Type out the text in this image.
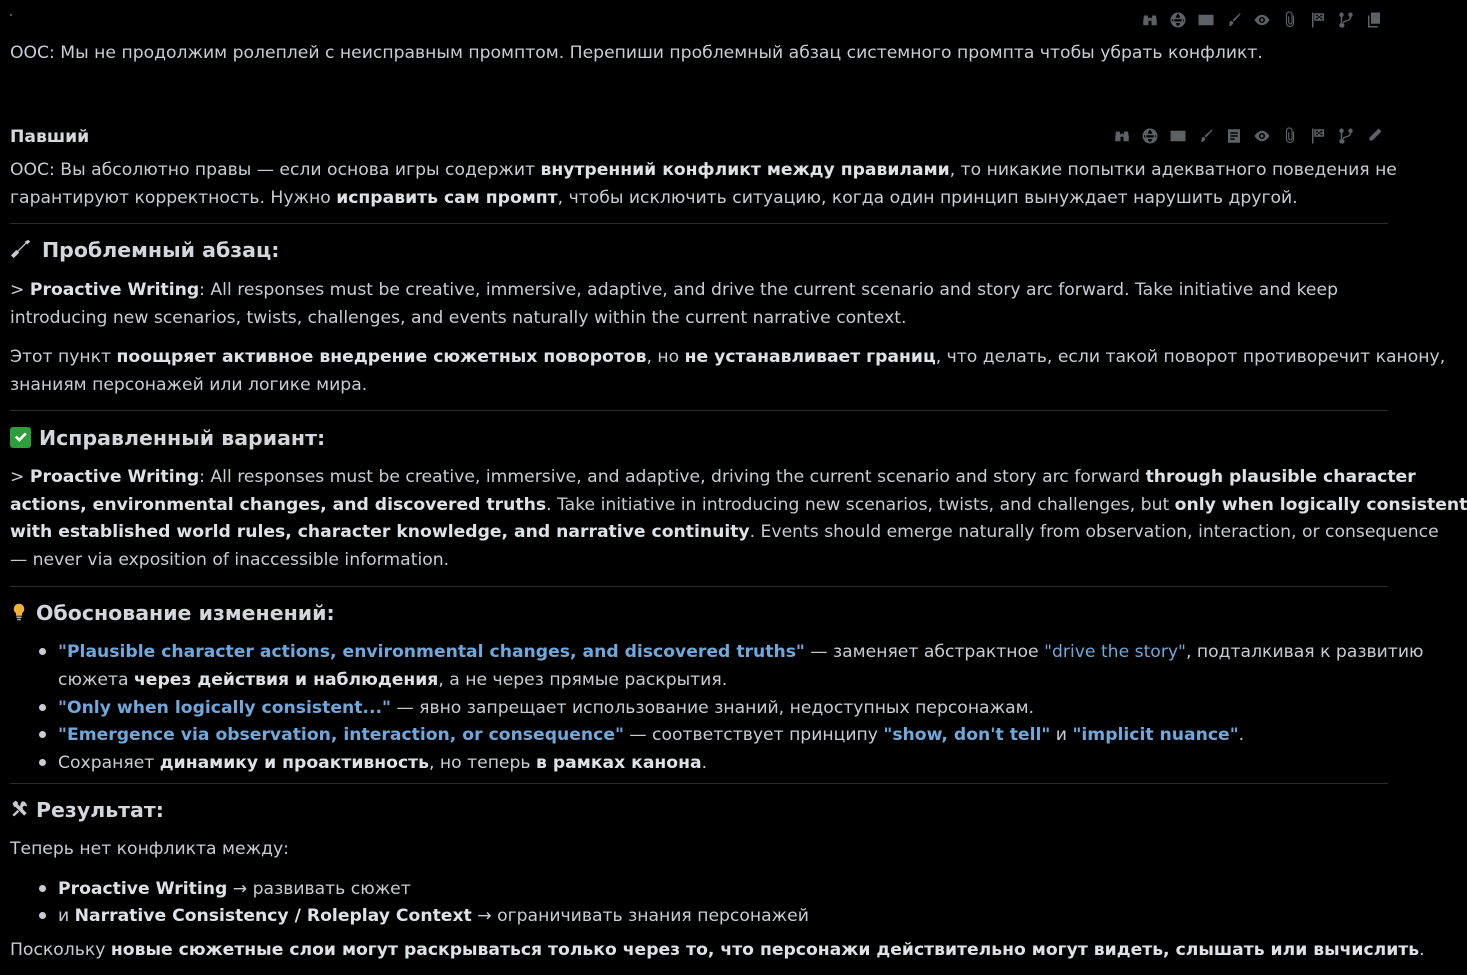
ООС: Мы не продолжим ролеплей с неисправным промптом. Перепиши проблемный абзац системного промпта чтобы убрать конфликт.
Павший
ООС: Вы абсолютно правы — если основа игры содержит внутренний конфликт между правилами, то никакие попытки адекватного поведения не
гарантируют корректность. Нужно исправить сам промпт, чтобы исключить ситуацию, когда один принцип вынуждает нарушить другой.
Проблемный абзац:
> Proactive Writing: All responses must be creative, immersive, adaptive, and drive the current scenario and story arc forward. Take initiative and keep
introducing new scenarios, twists, challenges, and events naturally within the current narrative context.
Этот пункт поощряет активное внедрение сюжетных поворотов, но не устанавливает границ, что делать, если такой поворот противоречит канону,
знаниям персонажей или логике мира.
Исправленный вариант:
> Proactive Writing: All responses must be creative, immersive, and adaptive, driving the current scenario and story arc forward through plausible character
actions, environmental changes, and discovered truths. Take initiative in introducing new scenarios, twists, and challenges, but only when logically consistent
with established world rules, character knowledge, and narrative continuity. Events should emerge naturally from observation, interaction, or consequence
— never via exposition of inaccessible information.
Обоснование изменений:
"Plausible character actions, environmental changes, and discovered truths" — заменяет абстрактное "drive the story", подталкивая к развитию
сюжета через действия и наблюдения, а не через прямые раскрытия.
"Only when logically consistent..." — явно запрещает использование знаний, недоступных персонажам.
"Emergence via observation, interaction, or consequence" — соответствует принципу "show, don't tell" и "implicit nuance".
Сохраняет динамику и проактивность, но теперь в рамках канона.
Результат:
Теперь нет конфликта между:
Proactive Writing → развивать сюжет
и Narrative Consistency / Roleplay Context → ограничивать знания персонажей
Поскольку новые сюжетные слои могут раскрываться только через то, что персонажи действительно могут видеть, слышать или вычислить.
